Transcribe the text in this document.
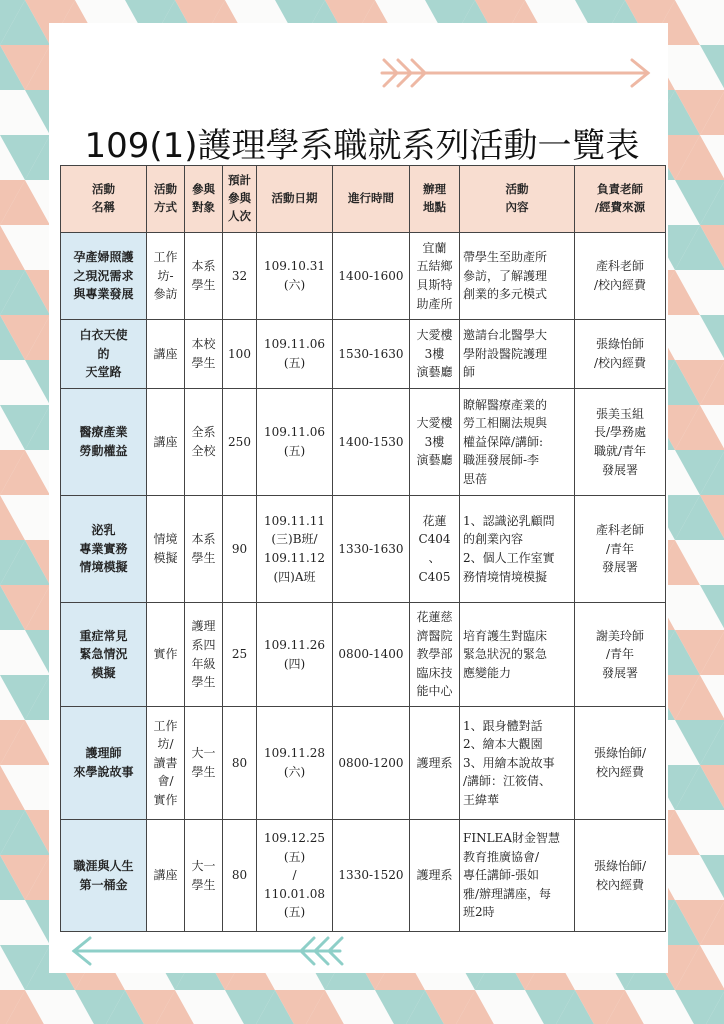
109(1)護理學系職就系列活動一覽表
活動
名稱	活動
方式	參與
對象	預計
參與
人次	活動日期	進行時間	辦理
地點	活動
內容	負責老師
/經費來源
孕產婦照護
之現況需求
與專業發展	工作
坊-
參訪	本系
學生	32	109.10.31
(六)	1400-1600	宜蘭
五結鄉
貝斯特
助產所	帶學生至助產所
參訪，了解護理
創業的多元模式	產科老師
/校內經費
白衣天使
的
天堂路	講座	本校
學生	100	109.11.06
(五)	1530-1630	大愛樓
3樓
演藝廳	邀請台北醫學大
學附設醫院護理
師	張綠怡師
/校內經費
醫療產業
勞動權益	講座	全系
全校	250	109.11.06
(五)	1400-1530	大愛樓
3樓
演藝廳	瞭解醫療產業的
勞工相關法規與
權益保障/講師:
職涯發展師-李
思蓓	張美玉組
長/學務處
職就/青年
發展署
泌乳
專業實務
情境模擬	情境
模擬	本系
學生	90	109.11.11
(三)B班/
109.11.12
(四)A班	1330-1630	花蓮
C404
、C405	1、認識泌乳顧問
的創業內容
2、個人工作室實
務情境情境模擬	產科老師
/青年
發展署
重症常見
緊急情況
模擬	實作	護理
系四
年級
學生	25	109.11.26
(四)	0800-1400	花蓮慈
濟醫院
教學部
臨床技
能中心	培育護生對臨床
緊急狀況的緊急
應變能力	謝美玲師
/青年
發展署
護理師
來學說故事	工作
坊/
讀書
會/
實作	大一
學生	80	109.11.28
(六)	0800-1200	護理系	1、跟身體對話
2、繪本大觀園
3、用繪本說故事
/講師：江筱倩、
王緯華	張綠怡師/
校內經費
職涯與人生
第一桶金	講座	大一
學生	80	109.12.25
(五)
/
110.01.08
(五)	1330-1520	護理系	FINLEA財金智慧
教育推廣協會/
專任講師-張如
雅/辦理講座，每
班2時	張綠怡師/
校內經費
